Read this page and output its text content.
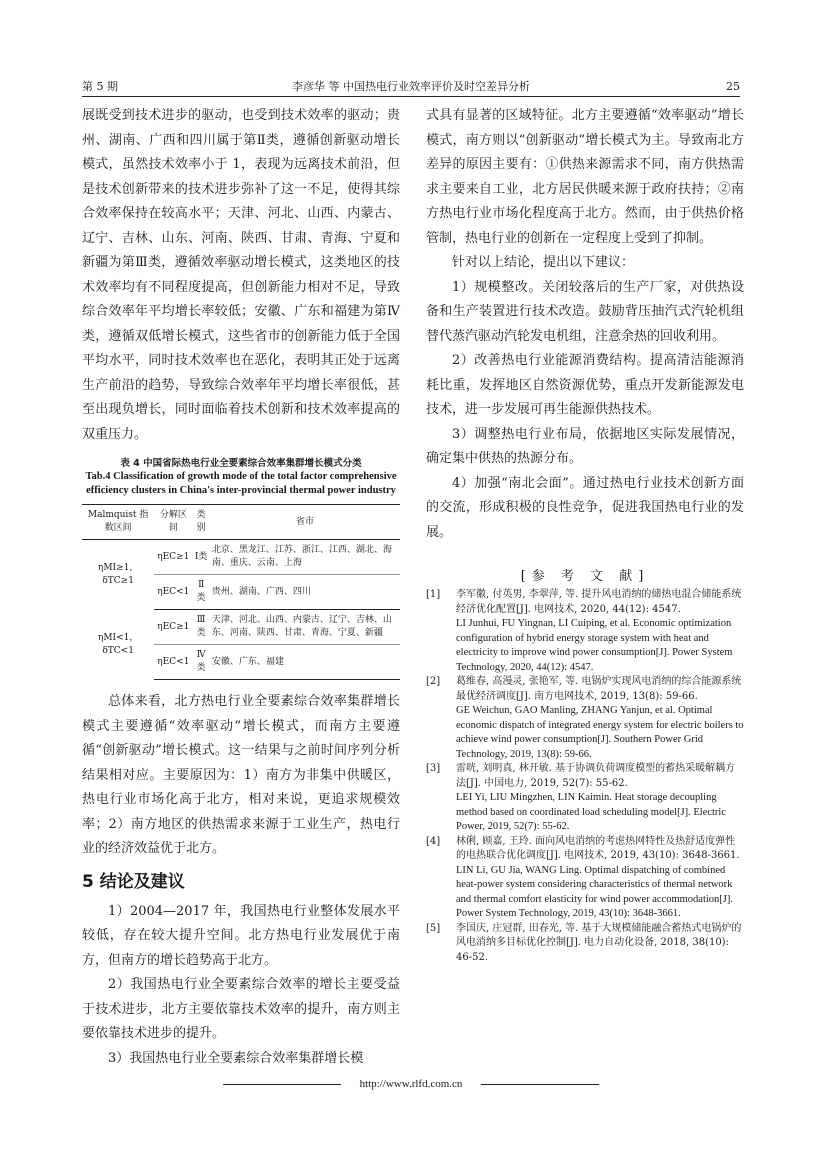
第 5 期	李彦华 等 中国热电行业效率评价及时空差异分析	25

展既受到技术进步的驱动，也受到技术效率的驱动；贵州、湖南、广西和四川属于第Ⅱ类，遵循创新驱动增长模式，虽然技术效率小于 1，表现为远离技术前沿，但是技术创新带来的技术进步弥补了这一不足，使得其综合效率保持在较高水平；天津、河北、山西、内蒙古、辽宁、吉林、山东、河南、陕西、甘肃、青海、宁夏和新疆为第Ⅲ类，遵循效率驱动增长模式，这类地区的技术效率均有不同程度提高，但创新能力相对不足，导致综合效率年平均增长率较低；安徽、广东和福建为第Ⅳ类，遵循双低增长模式，这些省市的创新能力低于全国平均水平，同时技术效率也在恶化，表明其正处于远离生产前沿的趋势，导致综合效率年平均增长率很低，甚至出现负增长，同时面临着技术创新和技术效率提高的双重压力。

表 4 中国省际热电行业全要素综合效率集群增长模式分类
Tab.4 Classification of growth mode of the total factor comprehensive efficiency clusters in China's inter-provincial thermal power industry
Malmquist 指数区间	分解区间	类别	省市
ηMI≥1，δTC≥1	ηEC≥1	Ⅰ类	北京、黑龙江、江苏、浙江、江西、湖北、海南、重庆、云南、上海
	ηEC<1	Ⅱ类	贵州、湖南、广西、四川
ηMI<1，δTC<1	ηEC≥1	Ⅲ类	天津、河北、山西、内蒙古、辽宁、吉林、山东、河南、陕西、甘肃、青海、宁夏、新疆
	ηEC<1	Ⅳ类	安徽、广东、福建

总体来看，北方热电行业全要素综合效率集群增长模式主要遵循“效率驱动”增长模式，而南方主要遵循“创新驱动”增长模式。这一结果与之前时间序列分析结果相对应。主要原因为：1）南方为非集中供暖区，热电行业市场化高于北方，相对来说，更追求规模效率；2）南方地区的供热需求来源于工业生产，热电行业的经济效益优于北方。

5 结论及建议

1）2004—2017 年，我国热电行业整体发展水平较低，存在较大提升空间。北方热电行业发展优于南方，但南方的增长趋势高于北方。

2）我国热电行业全要素综合效率的增长主要受益于技术进步，北方主要依靠技术效率的提升，南方则主要依靠技术进步的提升。

3）我国热电行业全要素综合效率集群增长模

式具有显著的区域特征。北方主要遵循“效率驱动”增长模式，南方则以“创新驱动”增长模式为主。导致南北方差异的原因主要有：①供热来源需求不同，南方供热需求主要来自工业，北方居民供暖来源于政府扶持；②南方热电行业市场化程度高于北方。然而，由于供热价格管制，热电行业的创新在一定程度上受到了抑制。

针对以上结论，提出以下建议：

1）规模整改。关闭较落后的生产厂家，对供热设备和生产装置进行技术改造。鼓励背压抽汽式汽轮机组替代蒸汽驱动汽轮发电机组，注意余热的回收利用。

2）改善热电行业能源消费结构。提高清洁能源消耗比重，发挥地区自然资源优势，重点开发新能源发电技术，进一步发展可再生能源供热技术。

3）调整热电行业布局，依据地区实际发展情况，确定集中供热的热源分布。

4）加强“南北会面”。通过热电行业技术创新方面的交流，形成积极的良性竞争，促进我国热电行业的发展。

[参 考 文 献]
[1] 李军徽, 付英男, 李翠萍, 等. 提升风电消纳的储热电混合储能系统经济优化配置[J]. 电网技术, 2020, 44(12): 4547.
LI Junhui, FU Yingnan, LI Cuiping, et al. Economic optimization configuration of hybrid energy storage system with heat and electricity to improve wind power consumption[J]. Power System Technology, 2020, 44(12): 4547.
[2] 葛维春, 高漫灵, 张艳军, 等. 电锅炉实现风电消纳的综合能源系统最优经济调度[J]. 南方电网技术, 2019, 13(8): 59-66.
GE Weichun, GAO Manling, ZHANG Yanjun, et al. Optimal economic dispatch of integrated energy system for electric boilers to achieve wind power consumption[J]. Southern Power Grid Technology, 2019, 13(8): 59-66.
[3] 雷咣, 刘明真, 林开敏. 基于协调负荷调度模型的蓄热采暖解耦方法[J]. 中国电力, 2019, 52(7): 55-62.
LEI Yi, LIU Mingzhen, LIN Kaimin. Heat storage decoupling method based on coordinated load scheduling model[J]. Electric Power, 2019, 52(7): 55-62.
[4] 林俐, 顾嘉, 王玲. 面向风电消纳的考虑热网特性及热舒适度弹性的电热联合优化调度[J]. 电网技术, 2019, 43(10): 3648-3661.
LIN Li, GU Jia, WANG Ling. Optimal dispatching of combined heat-power system considering characteristics of thermal network and thermal comfort elasticity for wind power accommodation[J]. Power System Technology, 2019, 43(10): 3648-3661.
[5] 李国庆, 庄冠群, 田春光, 等. 基于大规模储能融合蓄热式电锅炉的风电消纳多目标优化控制[J]. 电力自动化设备, 2018, 38(10): 46-52.
http://www.rlfd.com.cn
